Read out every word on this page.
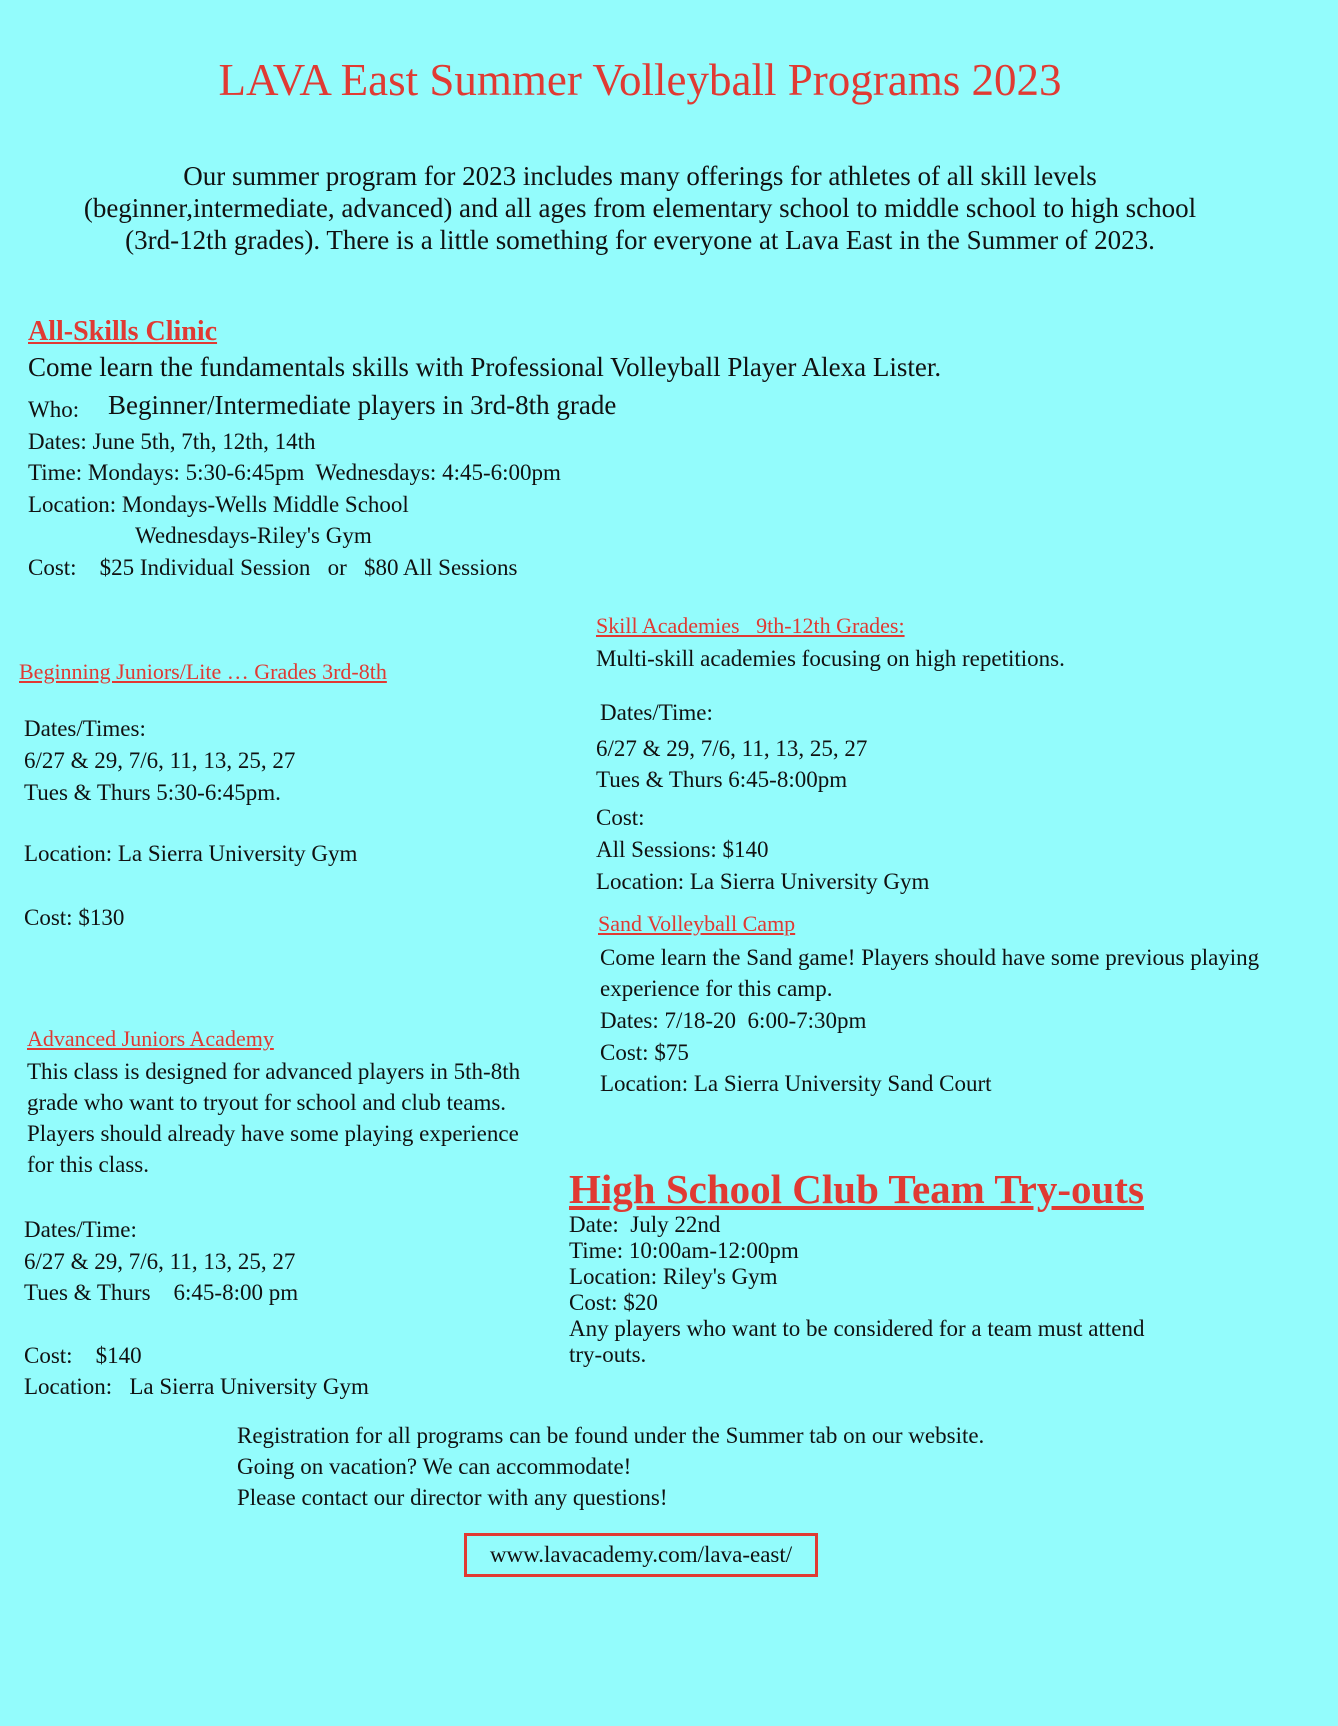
LAVA East Summer Volleyball Programs 2023
Our summer program for 2023 includes many offerings for athletes of all skill levels (beginner,intermediate, advanced) and all ages from elementary school to middle school to high school (3rd-12th grades). There is a little something for everyone at Lava East in the Summer of 2023.
All-Skills Clinic
Come learn the fundamentals skills with Professional Volleyball Player Alexa Lister.
Who: Beginner/Intermediate players in 3rd-8th grade
Dates: June 5th, 7th, 12th, 14th
Time: Mondays: 5:30-6:45pm  Wednesdays: 4:45-6:00pm
Location: Mondays-Wells Middle School
Wednesdays-Riley's Gym
Cost:    $25 Individual Session   or   $80 All Sessions
Beginning Juniors/Lite … Grades 3rd-8th
Dates/Times:
6/27 & 29, 7/6, 11, 13, 25, 27
Tues & Thurs 5:30-6:45pm.
Location: La Sierra University Gym
Cost: $130
Advanced Juniors Academy
This class is designed for advanced players in 5th-8th grade who want to tryout for school and club teams. Players should already have some playing experience for this class.
Dates/Time:
6/27 & 29, 7/6, 11, 13, 25, 27
Tues & Thurs    6:45-8:00 pm
Cost:    $140
Location:   La Sierra University Gym
Skill Academies   9th-12th Grades:
Multi-skill academies focusing on high repetitions.
Dates/Time:
6/27 & 29, 7/6, 11, 13, 25, 27
Tues & Thurs 6:45-8:00pm
Cost:
All Sessions: $140
Location: La Sierra University Gym
Sand Volleyball Camp
Come learn the Sand game! Players should have some previous playing experience for this camp.
Dates: 7/18-20  6:00-7:30pm
Cost: $75
Location: La Sierra University Sand Court
High School Club Team Try-outs
Date:  July 22nd
Time: 10:00am-12:00pm
Location: Riley's Gym
Cost: $20
Any players who want to be considered for a team must attend try-outs.
Registration for all programs can be found under the Summer tab on our website.
Going on vacation? We can accommodate!
Please contact our director with any questions!
www.lavacademy.com/lava-east/
